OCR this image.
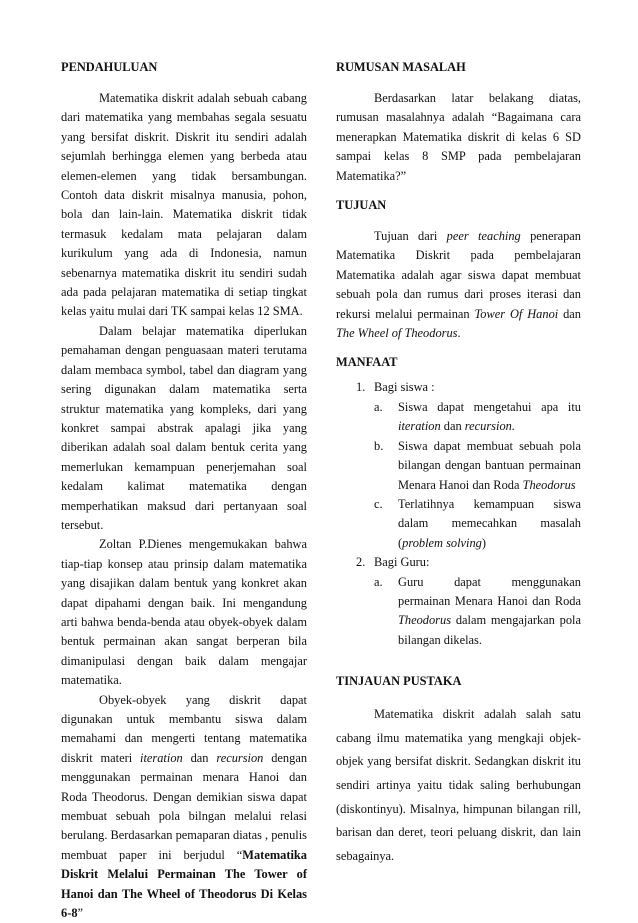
PENDAHULUAN

Matematika diskrit adalah sebuah cabang dari matematika yang membahas segala sesuatu yang bersifat diskrit. Diskrit itu sendiri adalah sejumlah berhingga elemen yang berbeda atau elemen-elemen yang tidak bersambungan. Contoh data diskrit misalnya manusia, pohon, bola dan lain-lain. Matematika diskrit tidak termasuk kedalam mata pelajaran dalam kurikulum yang ada di Indonesia, namun sebenarnya matematika diskrit itu sendiri sudah ada pada pelajaran matematika di setiap tingkat kelas yaitu mulai dari TK sampai kelas 12 SMA.

Dalam belajar matematika diperlukan pemahaman dengan penguasaan materi terutama dalam membaca symbol, tabel dan diagram yang sering digunakan dalam matematika serta struktur matematika yang kompleks, dari yang konkret sampai abstrak apalagi jika yang diberikan adalah soal dalam bentuk cerita yang memerlukan kemampuan penerjemahan soal kedalam kalimat matematika dengan memperhatikan maksud dari pertanyaan soal tersebut.

Zoltan P.Dienes mengemukakan bahwa tiap-tiap konsep atau prinsip dalam matematika yang disajikan dalam bentuk yang konkret akan dapat dipahami dengan baik. Ini mengandung arti bahwa benda-benda atau obyek-obyek dalam bentuk permainan akan sangat berperan bila dimanipulasi dengan baik dalam mengajar matematika.

Obyek-obyek yang diskrit dapat digunakan untuk membantu siswa dalam memahami dan mengerti tentang matematika diskrit materi iteration dan recursion dengan menggunakan permainan menara Hanoi dan Roda Theodorus. Dengan demikian siswa dapat membuat sebuah pola bilngan melalui relasi berulang. Berdasarkan pemaparan diatas , penulis membuat paper ini berjudul “Matematika Diskrit Melalui Permainan The Tower of Hanoi dan The Wheel of Theodorus Di Kelas 6-8”

RUMUSAN MASALAH

Berdasarkan latar belakang diatas, rumusan masalahnya adalah “Bagaimana cara menerapkan Matematika diskrit di kelas 6 SD sampai kelas 8 SMP pada pembelajaran Matematika?”

TUJUAN

Tujuan dari peer teaching penerapan Matematika Diskrit pada pembelajaran Matematika adalah agar siswa dapat membuat sebuah pola dan rumus dari proses iterasi dan rekursi melalui permainan Tower Of Hanoi dan The Wheel of Theodorus.

MANFAAT
1. Bagi siswa :
a. Siswa dapat mengetahui apa itu iteration dan recursion.
b. Siswa dapat membuat sebuah pola bilangan dengan bantuan permainan Menara Hanoi dan Roda Theodorus
c. Terlatihnya kemampuan siswa dalam memecahkan masalah (problem solving)
2. Bagi Guru:
a. Guru dapat menggunakan permainan Menara Hanoi dan Roda Theodorus dalam mengajarkan pola bilangan dikelas.
TINJAUAN PUSTAKA

Matematika diskrit adalah salah satu cabang ilmu matematika yang mengkaji objek-objek yang bersifat diskrit. Sedangkan diskrit itu sendiri artinya yaitu tidak saling berhubungan (diskontinyu). Misalnya, himpunan bilangan rill, barisan dan deret, teori peluang diskrit, dan lain sebagainya.
